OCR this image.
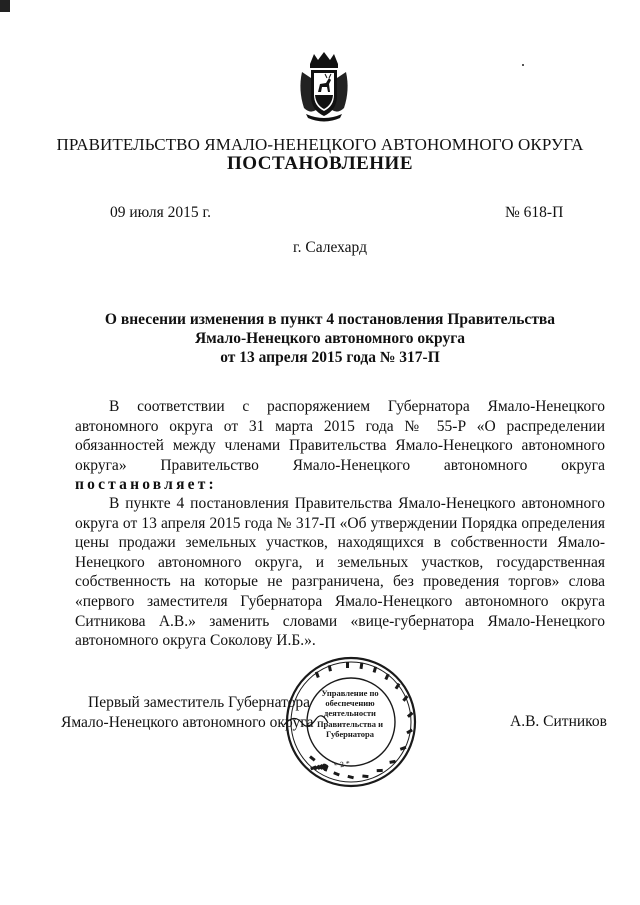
ПРАВИТЕЛЬСТВО ЯМАЛО-НЕНЕЦКОГО АВТОНОМНОГО ОКРУГА
ПОСТАНОВЛЕНИЕ
09 июля 2015 г.	№ 618-П
г. Салехард
О внесении изменения в пункт 4 постановления Правительства
Ямало-Ненецкого автономного округа
от 13 апреля 2015 года № 317-П
В соответствии с распоряжением Губернатора Ямало-Ненецкого
автономного округа от 31 марта 2015 года № 55-Р «О распределении
обязанностей между членами Правительства Ямало-Ненецкого автономного
округа» Правительство Ямало-Ненецкого автономного округа
постановляет:
В пункте 4 постановления Правительства Ямало-Ненецкого автономного
округа от 13 апреля 2015 года № 317-П «Об утверждении Порядка определения
цены продажи земельных участков, находящихся в собственности Ямало-
Ненецкого автономного округа, и земельных участков, государственная
собственность на которые не разграничена, без проведения торгов» слова
«первого заместителя Губернатора Ямало-Ненецкого автономного округа
Ситникова А.В.» заменить словами «вице-губернатора Ямало-Ненецкого
автономного округа Соколову И.Б.».
Первый заместитель Губернатора
Ямало-Ненецкого автономного округа	А.В. Ситников
Управление по обеспечению деятельности Правительства и Губернатора
* 2 *
